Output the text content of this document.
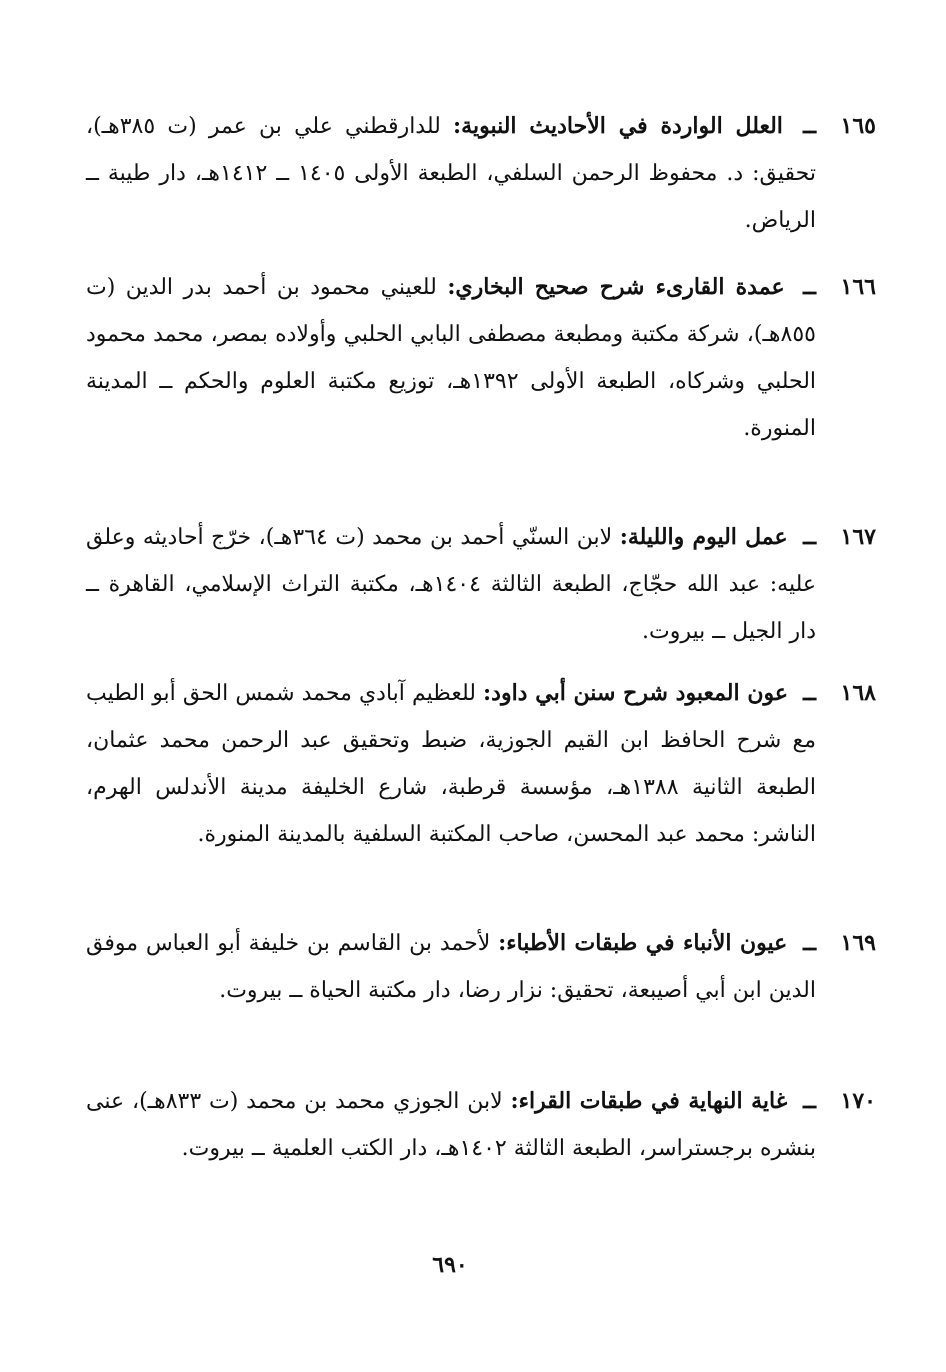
١٦٥
ــ العلل الواردة في الأحاديث النبوية: للدارقطني علي بن عمر (ت ٣٨٥هـ)، تحقيق: د. محفوظ الرحمن السلفي، الطبعة الأولى ١٤٠٥ ــ ١٤١٢هـ، دار طيبة ــ الرياض.
١٦٦
ــ عمدة القارىء شرح صحيح البخاري: للعيني محمود بن أحمد بدر الدين (ت ٨٥٥هـ)، شركة مكتبة ومطبعة مصطفى البابي الحلبي وأولاده بمصر، محمد محمود الحلبي وشركاه، الطبعة الأولى ١٣٩٢هـ، توزيع مكتبة العلوم والحكم ــ المدينة المنورة.
١٦٧
ــ عمل اليوم والليلة: لابن السنّي أحمد بن محمد (ت ٣٦٤هـ)، خرّج أحاديثه وعلق عليه: عبد الله حجّاج، الطبعة الثالثة ١٤٠٤هـ، مكتبة التراث الإسلامي، القاهرة ــ دار الجيل ــ بيروت.
١٦٨
ــ عون المعبود شرح سنن أبي داود: للعظيم آبادي محمد شمس الحق أبو الطيب مع شرح الحافظ ابن القيم الجوزية، ضبط وتحقيق عبد الرحمن محمد عثمان، الطبعة الثانية ١٣٨٨هـ، مؤسسة قرطبة، شارع الخليفة مدينة الأندلس الهرم، الناشر: محمد عبد المحسن، صاحب المكتبة السلفية بالمدينة المنورة.
١٦٩
ــ عيون الأنباء في طبقات الأطباء: لأحمد بن القاسم بن خليفة أبو العباس موفق الدين ابن أبي أصيبعة، تحقيق: نزار رضا، دار مكتبة الحياة ــ بيروت.
١٧٠
ــ غاية النهاية في طبقات القراء: لابن الجوزي محمد بن محمد (ت ٨٣٣هـ)، عنى بنشره برجستراسر، الطبعة الثالثة ١٤٠٢هـ، دار الكتب العلمية ــ بيروت.
٦٩٠
